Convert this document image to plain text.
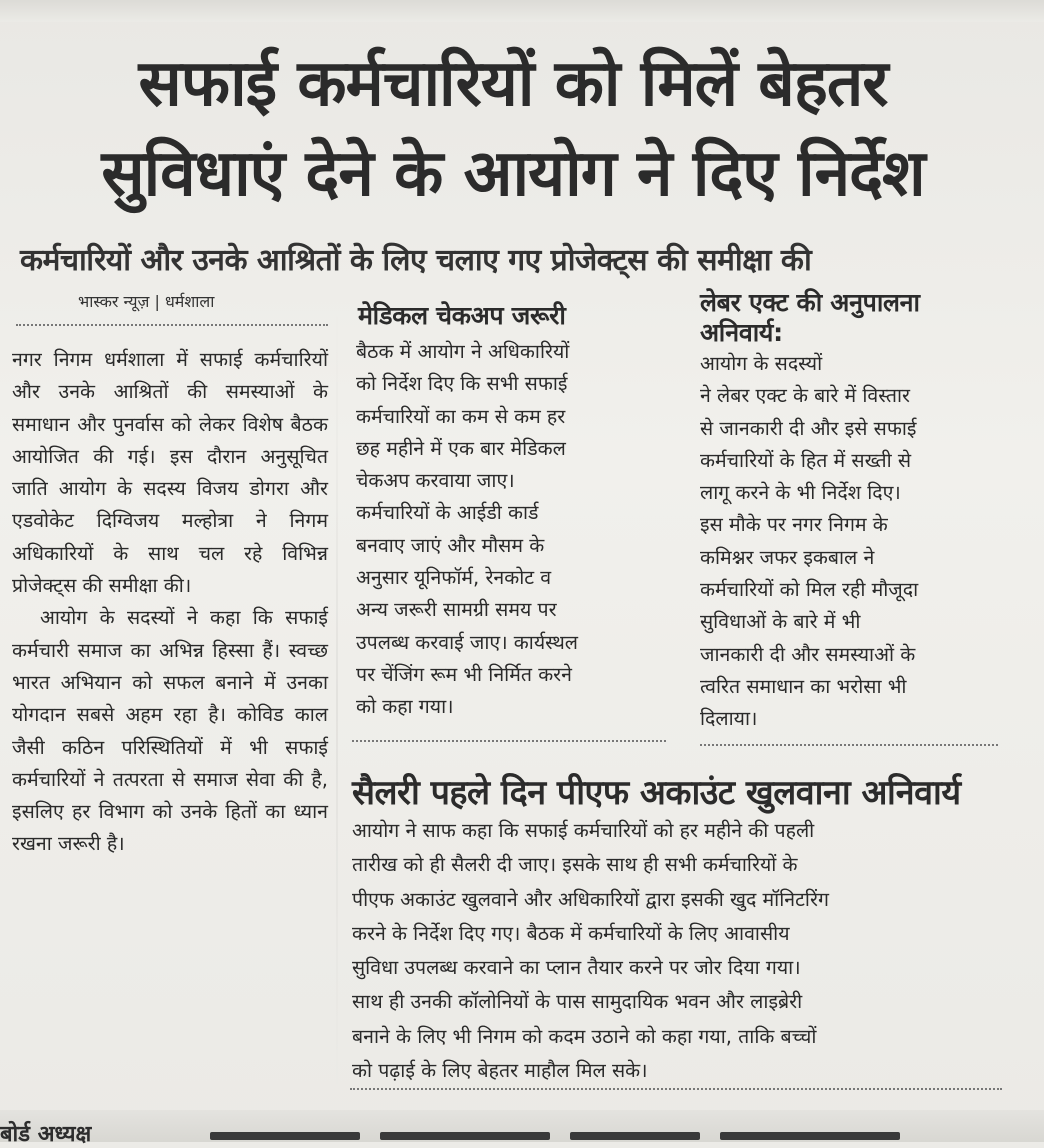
सफाई कर्मचारियों को मिलें बेहतर
सुविधाएं देने के आयोग ने दिए निर्देश
कर्मचारियों और उनके आश्रितों के लिए चलाए गए प्रोजेक्ट्स की समीक्षा की
भास्कर न्यूज़ | धर्मशाला

नगर निगम धर्मशाला में सफाई कर्मचारियों और उनके आश्रितों की समस्याओं के समाधान और पुनर्वास को लेकर विशेष बैठक आयोजित की गई। इस दौरान अनुसूचित जाति आयोग के सदस्य विजय डोगरा और एडवोकेट दिग्विजय मल्होत्रा ने निगम अधिकारियों के साथ चल रहे विभिन्न प्रोजेक्ट्स की समीक्षा की।

आयोग के सदस्यों ने कहा कि सफाई कर्मचारी समाज का अभिन्न हिस्सा हैं। स्वच्छ भारत अभियान को सफल बनाने में उनका योगदान सबसे अहम रहा है। कोविड काल जैसी कठिन परिस्थितियों में भी सफाई कर्मचारियों ने तत्परता से समाज सेवा की है, इसलिए हर विभाग को उनके हितों का ध्यान रखना जरूरी है।

मेडिकल चेकअप जरूरी

बैठक में आयोग ने अधिकारियों

को निर्देश दिए कि सभी सफाई

कर्मचारियों का कम से कम हर

छह महीने में एक बार मेडिकल

चेकअप करवाया जाए।

कर्मचारियों के आईडी कार्ड

बनवाए जाएं और मौसम के

अनुसार यूनिफॉर्म, रेनकोट व

अन्य जरूरी सामग्री समय पर

उपलब्ध करवाई जाए। कार्यस्थल

पर चेंजिंग रूम भी निर्मित करने

को कहा गया।

लेबर एक्ट की अनुपालना अनिवार्य:

आयोग के सदस्यों

ने लेबर एक्ट के बारे में विस्तार

से जानकारी दी और इसे सफाई

कर्मचारियों के हित में सख्ती से

लागू करने के भी निर्देश दिए।

इस मौके पर नगर निगम के

कमिश्नर जफर इकबाल ने

कर्मचारियों को मिल रही मौजूदा

सुविधाओं के बारे में भी

जानकारी दी और समस्याओं के

त्वरित समाधान का भरोसा भी

दिलाया।

सैलरी पहले दिन पीएफ अकाउंट खुलवाना अनिवार्य

आयोग ने साफ कहा कि सफाई कर्मचारियों को हर महीने की पहली

तारीख को ही सैलरी दी जाए। इसके साथ ही सभी कर्मचारियों के

पीएफ अकाउंट खुलवाने और अधिकारियों द्वारा इसकी खुद मॉनिटरिंग

करने के निर्देश दिए गए। बैठक में कर्मचारियों के लिए आवासीय

सुविधा उपलब्ध करवाने का प्लान तैयार करने पर जोर दिया गया।

साथ ही उनकी कॉलोनियों के पास सामुदायिक भवन और लाइब्रेरी

बनाने के लिए भी निगम को कदम उठाने को कहा गया, ताकि बच्चों

को पढ़ाई के लिए बेहतर माहौल मिल सके।

बोर्ड अध्यक्ष
